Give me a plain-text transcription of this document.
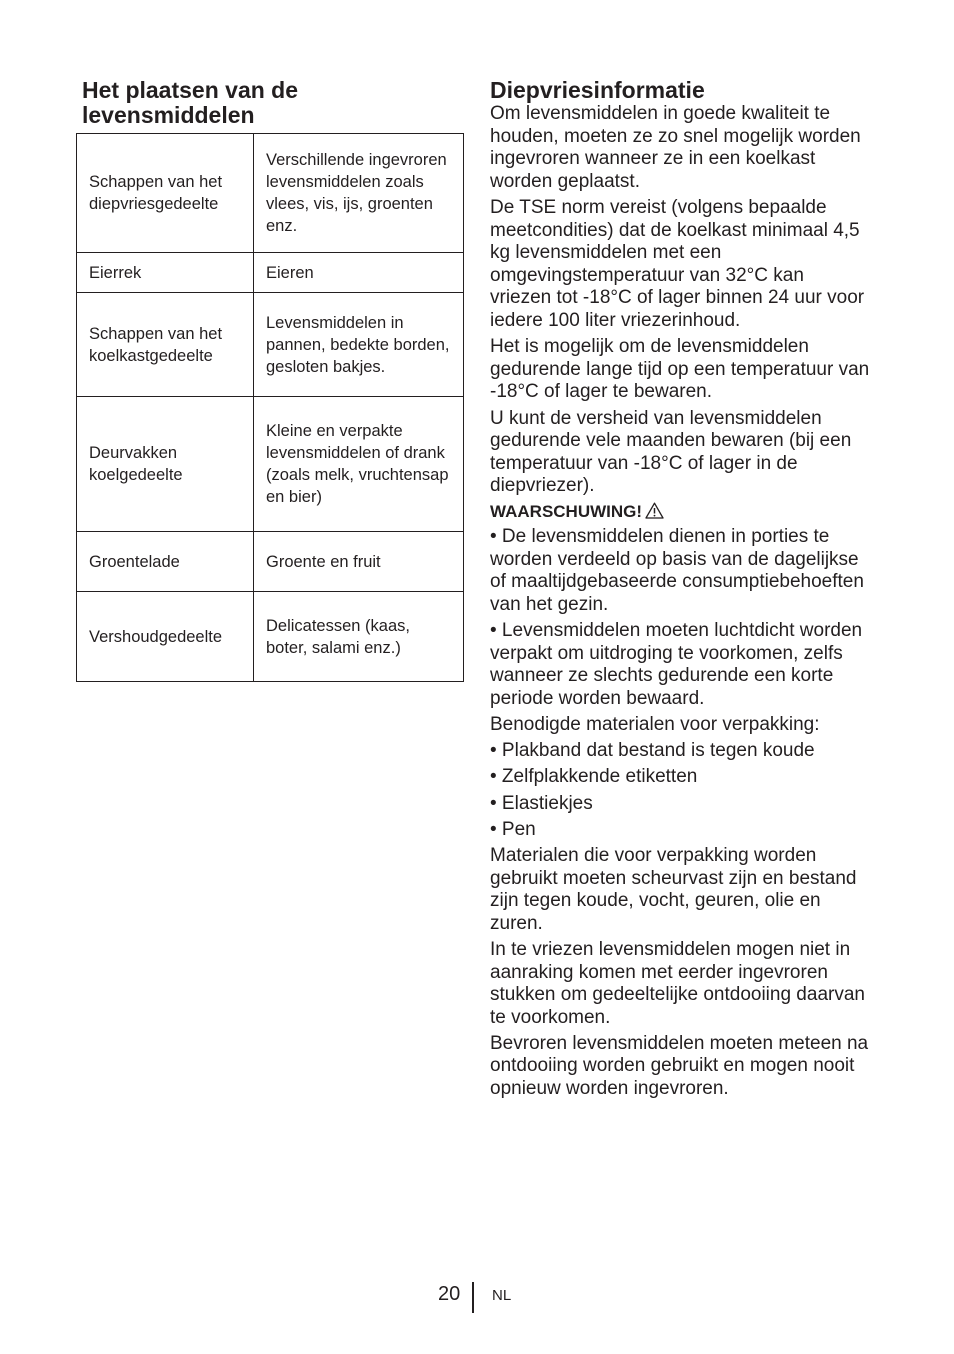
Het plaatsen van de levensmiddelen
Schappen van het diepvriesgedeelte	Verschillende ingevroren levensmiddelen zoals vlees, vis, ijs, groenten enz.
Eierrek	Eieren
Schappen van het koelkastgedeelte	Levensmiddelen in pannen, bedekte borden, gesloten bakjes.
Deurvakken koelgedeelte	Kleine en verpakte levensmiddelen of drank (zoals melk, vruchtensap en bier)
Groentelade	Groente en fruit
Vershoudgedeelte	Delicatessen (kaas, boter, salami enz.)
Diepvriesinformatie

Om levensmiddelen in goede kwaliteit te houden, moeten ze zo snel mogelijk worden ingevroren wanneer ze in een koelkast worden geplaatst.

De TSE norm vereist (volgens bepaalde meetcondities) dat de koelkast minimaal 4,5 kg levensmiddelen met een omgevingstemperatuur van 32°C kan vriezen tot -18°C of lager binnen 24 uur voor iedere 100 liter vriezerinhoud.

Het is mogelijk om de levensmiddelen gedurende lange tijd op een temperatuur van -18°C of lager te bewaren.

U kunt de versheid van levensmiddelen gedurende vele maanden bewaren (bij een temperatuur van -18°C of lager in de diepvriezer).

WAARSCHUWING!

• De levensmiddelen dienen in porties te worden verdeeld op basis van de dagelijkse of maaltijdgebaseerde consumptiebehoeften van het gezin.

• Levensmiddelen moeten luchtdicht worden verpakt om uitdroging te voorkomen, zelfs wanneer ze slechts gedurende een korte periode worden bewaard.

Benodigde materialen voor verpakking:

• Plakband dat bestand is tegen koude

• Zelfplakkende etiketten

• Elastiekjes

• Pen

Materialen die voor verpakking worden gebruikt moeten scheurvast zijn en bestand zijn tegen koude, vocht, geuren, olie en zuren.

In te vriezen levensmiddelen mogen niet in aanraking komen met eerder ingevroren stukken om gedeeltelijke ontdooiing daarvan te voorkomen.

Bevroren levensmiddelen moeten meteen na ontdooiing worden gebruikt en mogen nooit opnieuw worden ingevroren.

20 NL
